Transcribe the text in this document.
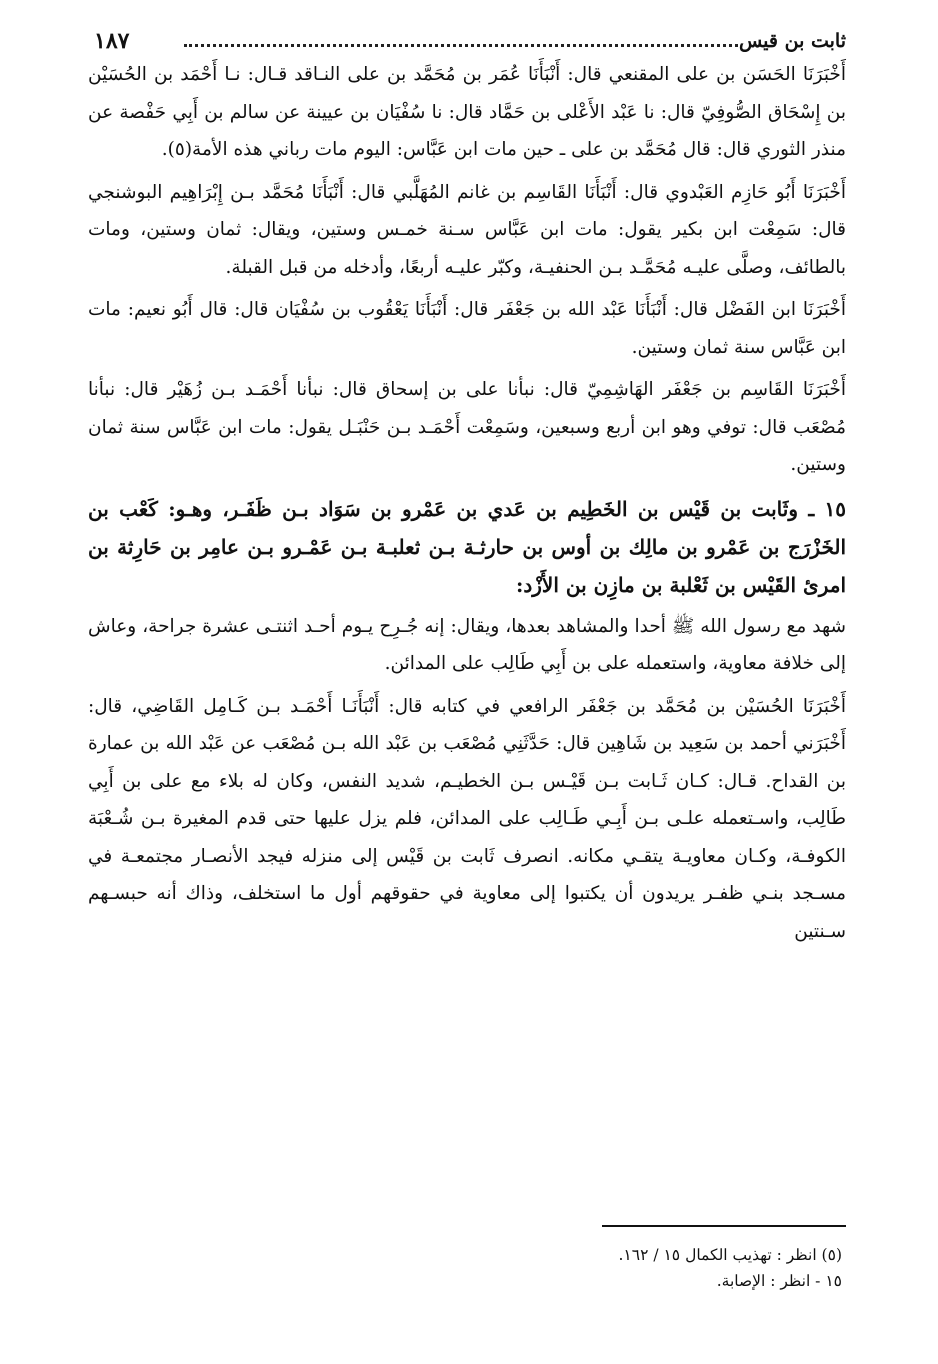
ثابت بن قيس
١٨٧

أَخْبَرَنَا الحَسَن بن على المقنعي قال: أَنْبَأَنَا عُمَر بن مُحَمَّد بن على النـاقد قـال: نـا أَحْمَد بن الحُسَيْن بن إِسْحَاق الصُّوفِيّ قال: نا عَبْد الأَعْلى بن حَمَّاد قال: نا سُفْيَان بن عيينة عن سالم بن أَبِي حَفْصة عن منذر الثوري قال: قال مُحَمَّد بن على ـ حين مات ابن عَبَّاس: اليوم مات رباني هذه الأمة(٥).

أَخْبَرَنَا أَبُو حَازِم العَبْدوي قال: أَنْبَأَنَا القَاسِم بن غانم المُهَلَّبي قال: أَنْبَأَنَا مُحَمَّد بـن إِبْرَاهِيم البوشنجي قال: سَمِعْت ابن بكير يقول: مات ابن عَبَّاس سـنة خمـس وستين، ويقال: ثمان وستين، ومات بالطائف، وصلَّى عليـه مُحَمَّـد بـن الحنفيـة، وكبّر عليـه أربعًا، وأدخله من قبل القبلة.

أَخْبَرَنَا ابن الفَضْل قال: أَنْبَأَنَا عَبْد الله بن جَعْفَر قال: أَنْبَأَنَا يَعْقُوب بن سُفْيَان قال: قال أَبُو نعيم: مات ابن عَبَّاس سنة ثمان وستين.

أَخْبَرَنَا القَاسِم بن جَعْفَر الهَاشِمِيّ قال: نبأنا على بن إسحاق قال: نبأنا أَحْمَـد بـن زُهَيْر قال: نبأنا مُصْعَب قال: توفي وهو ابن أربع وسبعين، وسَمِعْت أَحْمَـد بـن حَنْبَـل يقول: مات ابن عَبَّاس سنة ثمان وستين.

١٥ ـ وثَابت بن قَيْس بن الخَطِيم بن عَدي بن عَمْرو بن سَوَاد بـن ظَفَـر، وهـو: كَعْب بن الخَزْرَج بن عَمْرو بن مالِك بن أوس بن حارثـة بـن ثعلبـة بـن عَمْـرو بـن عامِر بن حَارِثة بن امرئ القَيْس بن ثَعْلبة بن مازِن بن الأَزْد:

شهد مع رسول الله ﷺ أحدا والمشاهد بعدها، ويقال: إنه جُـرِح يـوم أحـد اثنتـى عشرة جراحة، وعاش إلى خلافة معاوية، واستعمله على بن أَبِي طَالِب على المدائن.

أَخْبَرَنَا الحُسَيْن بن مُحَمَّد بن جَعْفَر الرافعي في كتابه قال: أَنْبَأَنَـا أَحْمَـد بـن كَـامِل القَاضِي، قال: أَخْبَرَني أحمد بن سَعِيد بن شَاهِين قال: حَدَّثَنِي مُصْعَب بن عَبْد الله بـن مُصْعَب عن عَبْد الله بن عمارة بن القداح. قـال: كـان ثَـابت بـن قَيْـس بـن الخطيـم، شديد النفس، وكان له بلاء مع على بن أَبِي طَالِب، واسـتعمله علـى بـن أَبِـي طَـالِب على المدائن، فلم يزل عليها حتى قدم المغيرة بـن شُـعْبَة الكوفـة، وكـان معاويـة يتقـي مكانه. انصرف ثَابت بن قَيْس إلى منزله فيجد الأنصـار مجتمعـة في مسـجد بنـي ظفـر يريدون أن يكتبوا إلى معاوية في حقوقهم أول ما استخلف، وذاك أنه حبسـهم سـنتين

(٥) انظر : تهذيب الكمال ١٥ / ١٦٢.

١٥ - انظر : الإصابة.
